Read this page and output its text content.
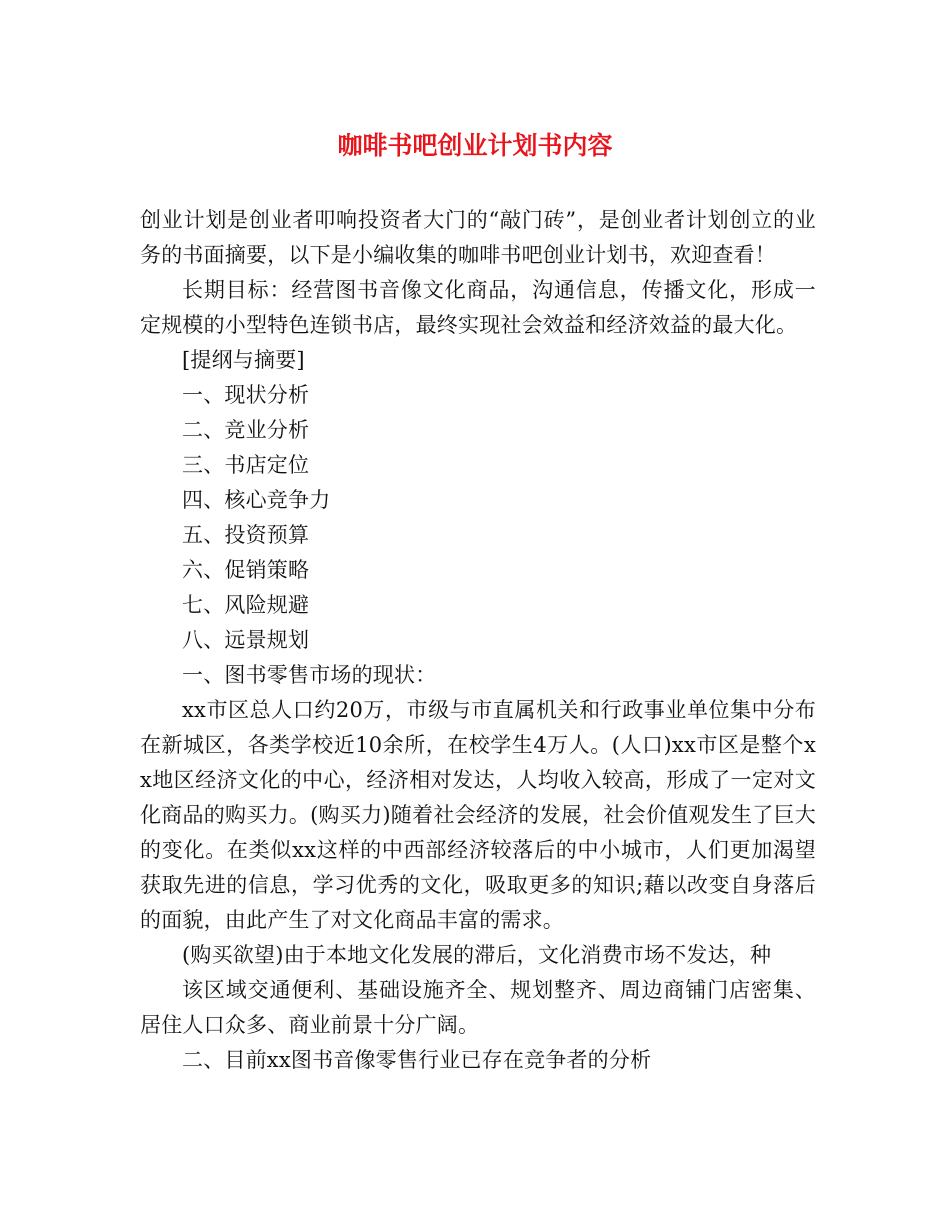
咖啡书吧创业计划书内容

创业计划是创业者叩响投资者大门的“敲门砖”，是创业者计划创立的业务的书面摘要，以下是小编收集的咖啡书吧创业计划书，欢迎查看！

长期目标：经营图书音像文化商品，沟通信息，传播文化，形成一定规模的小型特色连锁书店，最终实现社会效益和经济效益的最大化。

[提纲与摘要]

一、现状分析

二、竞业分析

三、书店定位

四、核心竞争力

五、投资预算

六、促销策略

七、风险规避

八、远景规划

一、图书零售市场的现状：

xx市区总人口约20万，市级与市直属机关和行政事业单位集中分布在新城区，各类学校近10余所，在校学生4万人。(人口)xx市区是整个xx地区经济文化的中心，经济相对发达，人均收入较高，形成了一定对文化商品的购买力。(购买力)随着社会经济的发展，社会价值观发生了巨大的变化。在类似xx这样的中西部经济较落后的中小城市，人们更加渴望获取先进的信息，学习优秀的文化，吸取更多的知识;藉以改变自身落后的面貌，由此产生了对文化商品丰富的需求。

(购买欲望)由于本地文化发展的滞后，文化消费市场不发达，种

该区域交通便利、基础设施齐全、规划整齐、周边商铺门店密集、居住人口众多、商业前景十分广阔。

二、目前xx图书音像零售行业已存在竞争者的分析
